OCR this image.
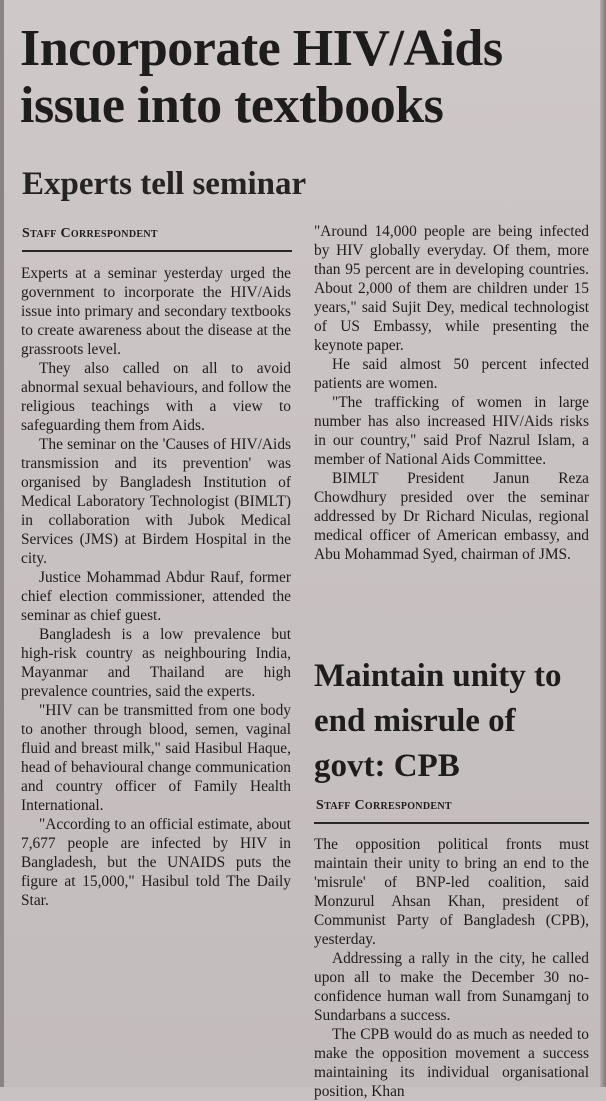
Incorporate HIV/Aids issue into textbooks
Experts tell seminar
Staff Correspondent

Experts at a seminar yesterday urged the government to incorporate the HIV/Aids issue into primary and secondary textbooks to create awareness about the disease at the grassroots level.

They also called on all to avoid abnormal sexual behaviours, and follow the religious teachings with a view to safeguarding them from Aids.

The seminar on the 'Causes of HIV/Aids transmission and its prevention' was organised by Bangladesh Institution of Medical Laboratory Technologist (BIMLT) in collaboration with Jubok Medical Services (JMS) at Birdem Hospital in the city.

Justice Mohammad Abdur Rauf, former chief election commissioner, attended the seminar as chief guest.

Bangladesh is a low prevalence but high-risk country as neighbouring India, Mayanmar and Thailand are high prevalence countries, said the experts.

"HIV can be transmitted from one body to another through blood, semen, vaginal fluid and breast milk," said Hasibul Haque, head of behavioural change communication and country officer of Family Health International.

"According to an official estimate, about 7,677 people are infected by HIV in Bangladesh, but the UNAIDS puts the figure at 15,000," Hasibul told The Daily Star.

"Around 14,000 people are being infected by HIV globally everyday. Of them, more than 95 percent are in developing countries. About 2,000 of them are children under 15 years," said Sujit Dey, medical technologist of US Embassy, while presenting the keynote paper.

He said almost 50 percent infected patients are women.

"The trafficking of women in large number has also increased HIV/Aids risks in our country," said Prof Nazrul Islam, a member of National Aids Committee.

BIMLT President Janun Reza Chowdhury presided over the seminar addressed by Dr Richard Niculas, regional medical officer of American embassy, and Abu Mohammad Syed, chairman of JMS.

Maintain unity to end misrule of govt: CPB
Staff Correspondent

The opposition political fronts must maintain their unity to bring an end to the 'misrule' of BNP-led coalition, said Monzurul Ahsan Khan, president of Communist Party of Bangladesh (CPB), yesterday.

Addressing a rally in the city, he called upon all to make the December 30 no-confidence human wall from Sunamganj to Sundarbans a success.

The CPB would do as much as needed to make the opposition movement a success maintaining its individual organisational position, Khan
